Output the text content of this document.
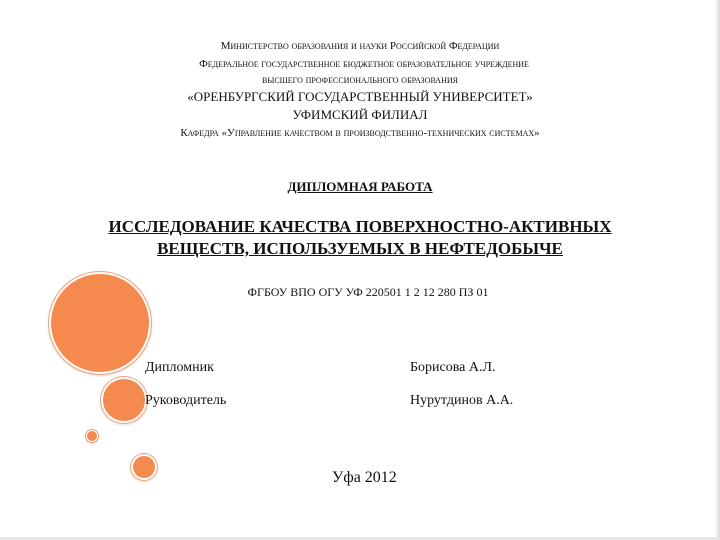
Министерство образования и науки Российской Федерации
Федеральное государственное бюджетное образовательное учреждение
высшего профессионального образования
«ОРЕНБУРГСКИЙ ГОСУДАРСТВЕННЫЙ УНИВЕРСИТЕТ»
УФИМСКИЙ ФИЛИАЛ
Кафедра «Управление качеством в производственно-технических системах»
ДИПЛОМНАЯ РАБОТА
ИССЛЕДОВАНИЕ КАЧЕСТВА ПОВЕРХНОСТНО-АКТИВНЫХ
ВЕЩЕСТВ, ИСПОЛЬЗУЕМЫХ В НЕФТЕДОБЫЧЕ
ФГБОУ ВПО ОГУ УФ 220501 1 2 12 280 ПЗ 01
Дипломник	Борисова А.Л.
Руководитель	Нурутдинов А.А.
Уфа 2012
